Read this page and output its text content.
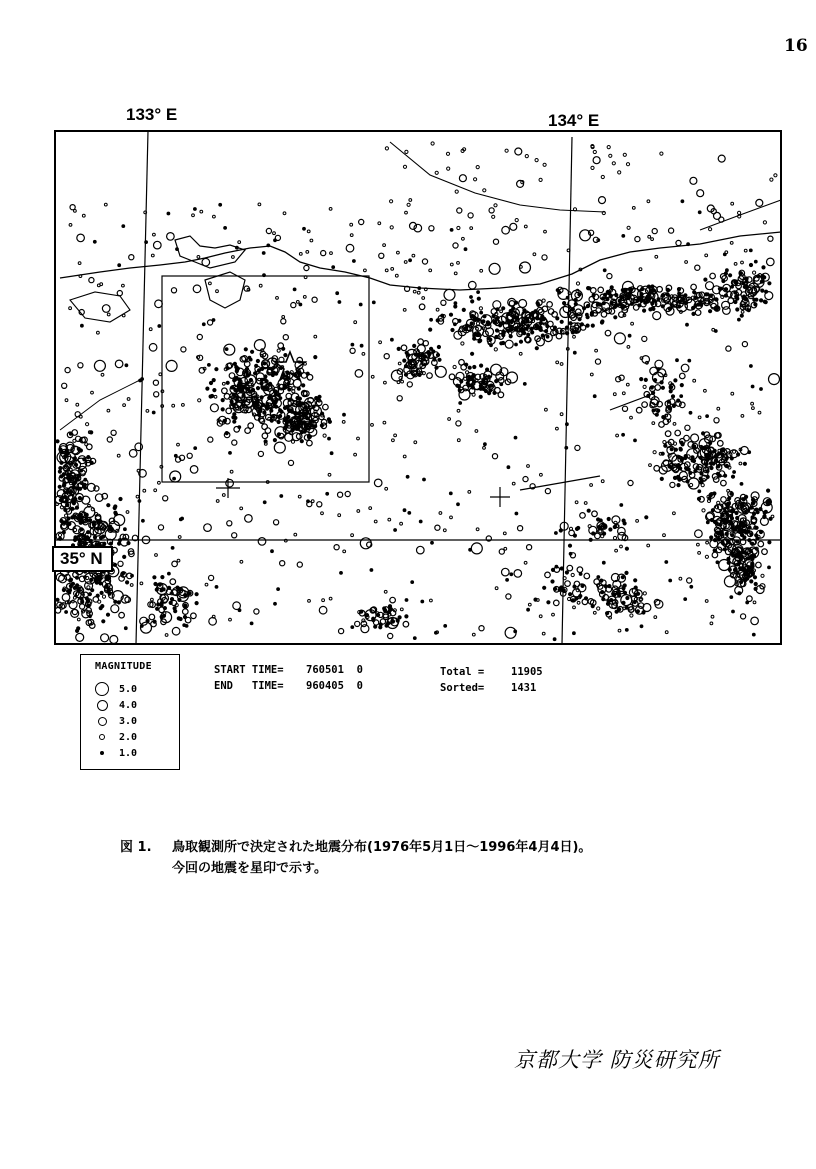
16
133° E	134° E
35° N
MAGNITUDE
5.0
4.0
3.0
2.0
1.0
START TIME= 760501  0
END   TIME= 960405  0
Total =	11905
Sorted=	1431
図 1. 鳥取観測所で決定された地震分布(1976年5月1日～1996年4月4日)。
今回の地震を星印で示す。
京都大学 防災研究所
